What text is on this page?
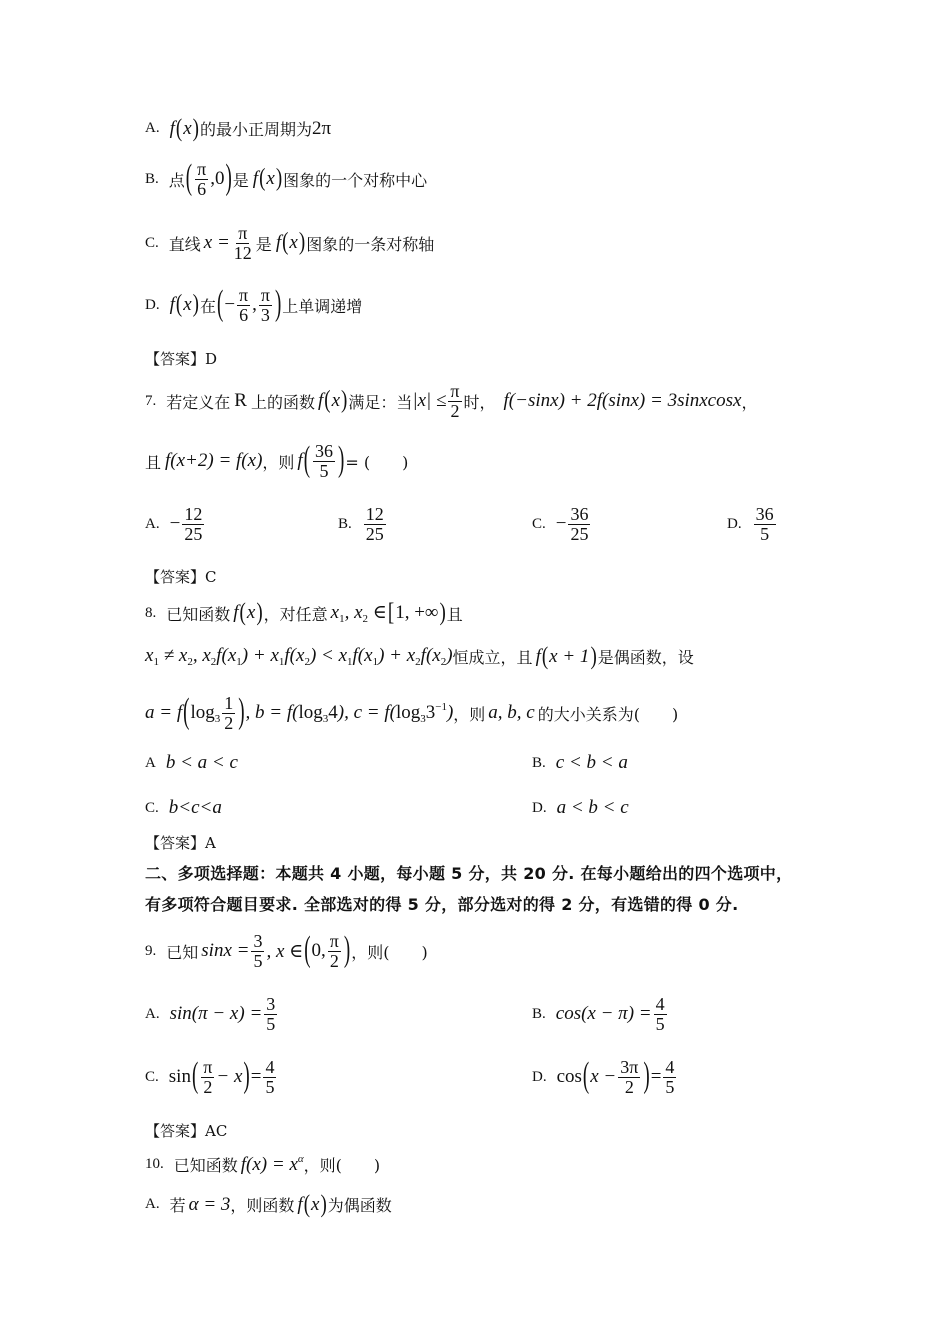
A. f ( x ) 的最小正周期为 2π
B. 点 ( $\frac{\pi}{6} ,0$ ) 是 f ( x ) 图象的一个对称中心
C. 直线 $x = \frac{\pi}{12}$ 是 f ( x ) 图象的一条对称轴
D. f ( x ) 在 ( − $\frac{\pi}{6}$ , $\frac{\pi}{3}$ ) 上单调递增
【答案】D
7. 若定义在 R 上的函数 f ( x ) 满足：当 $|x| \le \frac{\pi}{2}$ 时， f(−sinx) + 2f(sinx) = 3sinxcosx ，
且 f(x+2) = f(x) ，则 f ( $\frac{36}{5}$ ) = (　　)
A. − $\frac{12}{25}$	B. $\frac{12}{25}$	C. − $\frac{36}{25}$	D. $\frac{36}{5}$
【答案】C
8. 已知函数 f ( x ) ，对任意 $x_1$, $x_2$ ∈ [ 1, +∞ ) 且
$x_1 \ne x_2$, $x_2f(x_1) + x_1f(x_2) < x_1f(x_1) + x_2f(x_2)$ 恒成立，且 f ( x + 1 ) 是偶函数，设
a = f ( $\log_3 \frac{1}{2}$ ) , b = f( $\log_34$ ), c = f( $\log_33^{-1}$ ) ，则 a, b, c 的大小关系为(　　)
A b < a < c	B. c < b < a
C. b<c<a	D. a < b < c
【答案】A
二、多项选择题：本题共 4 小题，每小题 5 分，共 20 分. 在每小题给出的四个选项中，有多项符合题目要求. 全部选对的得 5 分，部分选对的得 2 分，有选错的得 0 分.
9. 已知 $\sin x = \frac{3}{5}$ , x ∈ ( 0, $\frac{\pi}{2}$ ) ，则(　　)
A. $\sin(\pi - x) = \frac{3}{5}$	B. $\cos(x - \pi) = \frac{4}{5}$
C. sin ( $\frac{\pi}{2} - x$ ) = $\frac{4}{5}$	D. cos ( $x - \frac{3\pi}{2}$ ) = $\frac{4}{5}$
【答案】AC
10. 已知函数 $f(x) = x^\alpha$ ，则(　　)
A. 若 α = 3 ，则函数 f ( x ) 为偶函数
